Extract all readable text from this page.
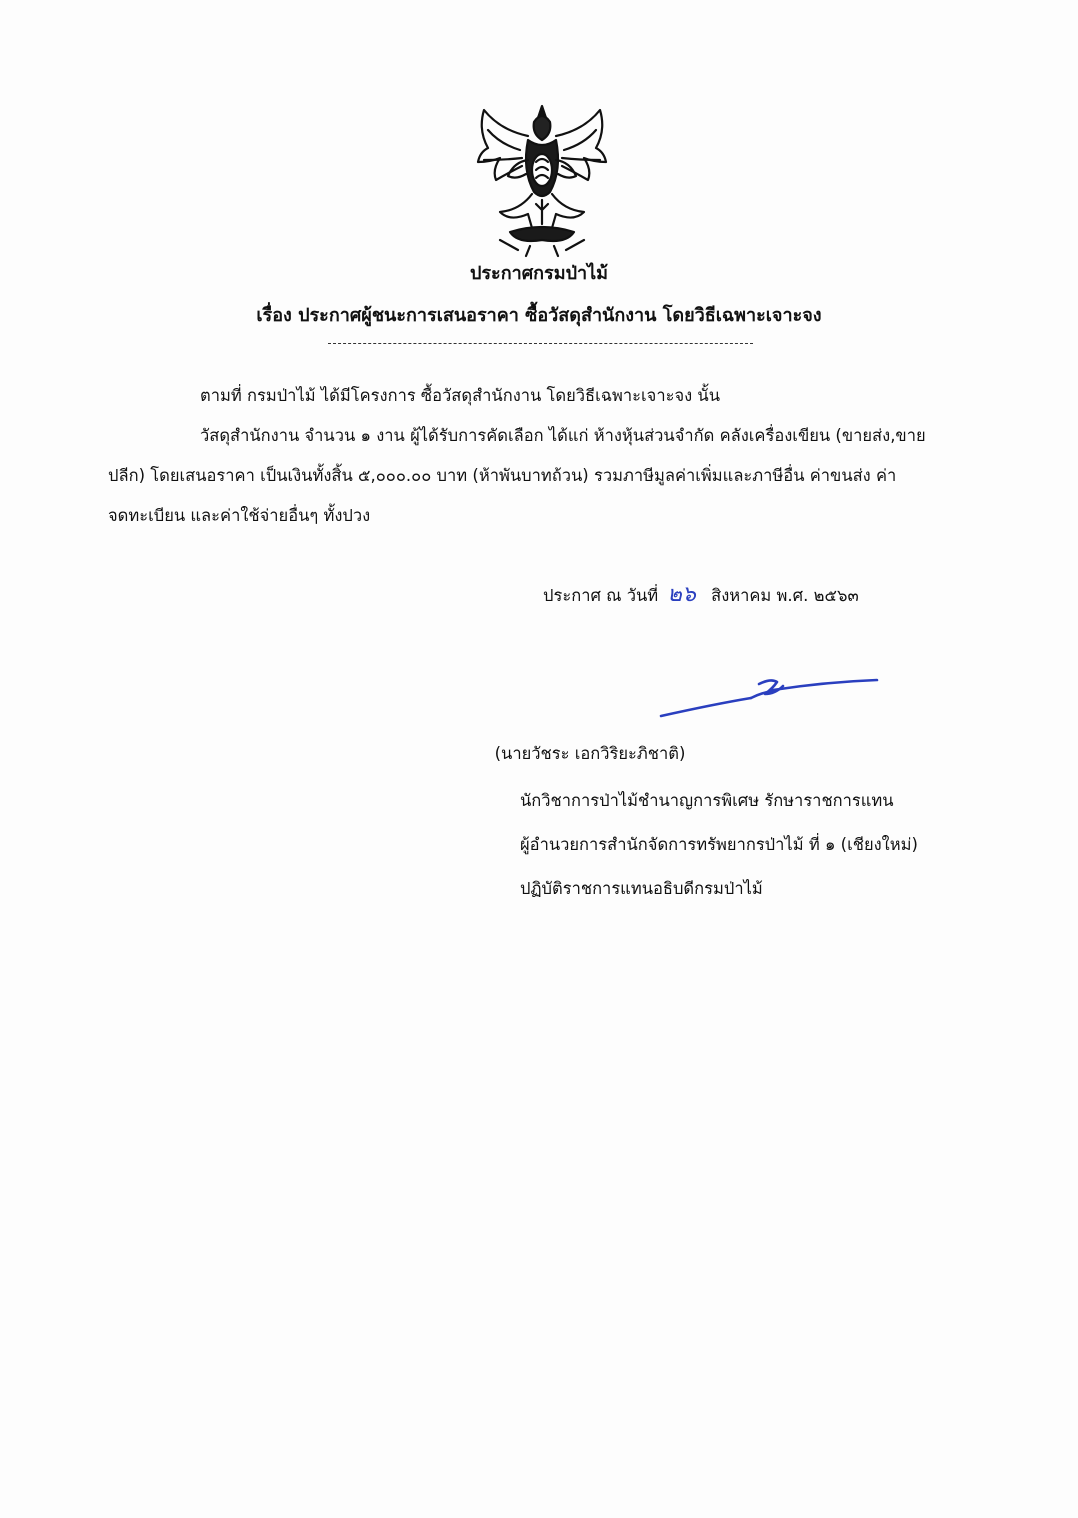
ประกาศกรมป่าไม้
เรื่อง ประกาศผู้ชนะการเสนอราคา ซื้อวัสดุสำนักงาน โดยวิธีเฉพาะเจาะจง
ตามที่ กรมป่าไม้ ได้มีโครงการ ซื้อวัสดุสำนักงาน โดยวิธีเฉพาะเจาะจง นั้น
วัสดุสำนักงาน จำนวน ๑ งาน ผู้ได้รับการคัดเลือก ได้แก่ ห้างหุ้นส่วนจำกัด คลังเครื่องเขียน (ขายส่ง,ขาย
ปลีก) โดยเสนอราคา เป็นเงินทั้งสิ้น ๕,๐๐๐.๐๐ บาท (ห้าพันบาทถ้วน) รวมภาษีมูลค่าเพิ่มและภาษีอื่น ค่าขนส่ง ค่า
จดทะเบียน และค่าใช้จ่ายอื่นๆ ทั้งปวง
ประกาศ ณ วันที่ ๒๖ สิงหาคม พ.ศ. ๒๕๖๓
(นายวัชระ เอกวิริยะภิชาติ)
นักวิชาการป่าไม้ชำนาญการพิเศษ รักษาราชการแทน
ผู้อำนวยการสำนักจัดการทรัพยากรป่าไม้ ที่ ๑ (เชียงใหม่)
ปฏิบัติราชการแทนอธิบดีกรมป่าไม้
